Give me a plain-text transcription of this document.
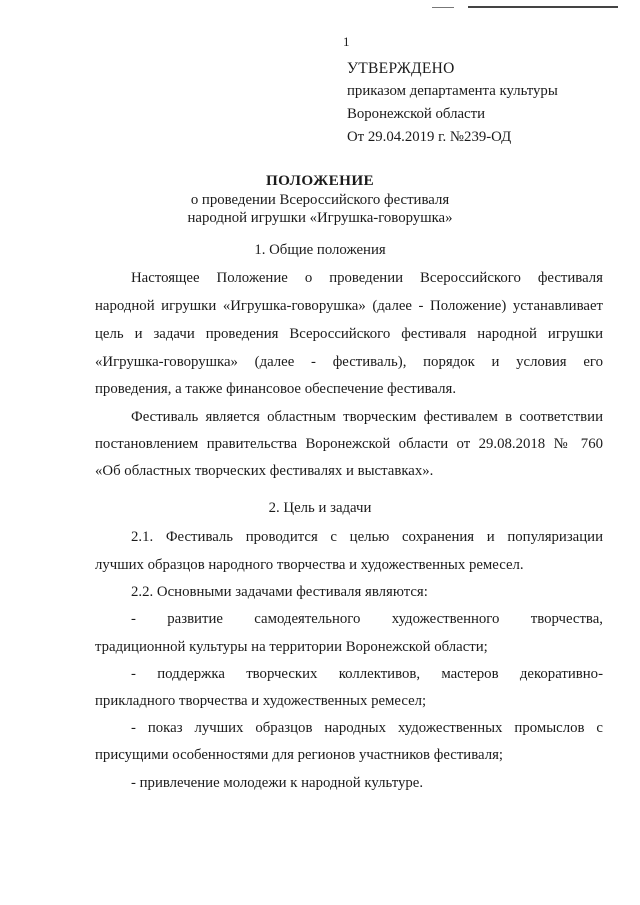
1
УТВЕРЖДЕНО
приказом департамента культуры
Воронежской области
От 29.04.2019 г. №239-ОД
ПОЛОЖЕНИЕ
о проведении Всероссийского фестиваля
народной игрушки «Игрушка-говорушка»
1. Общие положения
Настоящее Положение о проведении Всероссийского фестиваля
народной игрушки «Игрушка-говорушка» (далее - Положение) устанавливает
цель и задачи проведения Всероссийского фестиваля народной игрушки
«Игрушка-говорушка» (далее - фестиваль), порядок и условия его
проведения, а также финансовое обеспечение фестиваля.
Фестиваль является областным творческим фестивалем в соответствии
постановлением правительства Воронежской области от 29.08.2018 № 760
«Об областных творческих фестивалях и выставках».
2. Цель и задачи
2.1. Фестиваль проводится с целью сохранения и популяризации
лучших образцов народного творчества и художественных ремесел.
2.2. Основными задачами фестиваля являются:
- развитие самодеятельного художественного творчества,
традиционной культуры на территории Воронежской области;
- поддержка творческих коллективов, мастеров декоративно-
прикладного творчества и художественных ремесел;
- показ лучших образцов народных художественных промыслов с
присущими особенностями для регионов участников фестиваля;
- привлечение молодежи к народной культуре.
